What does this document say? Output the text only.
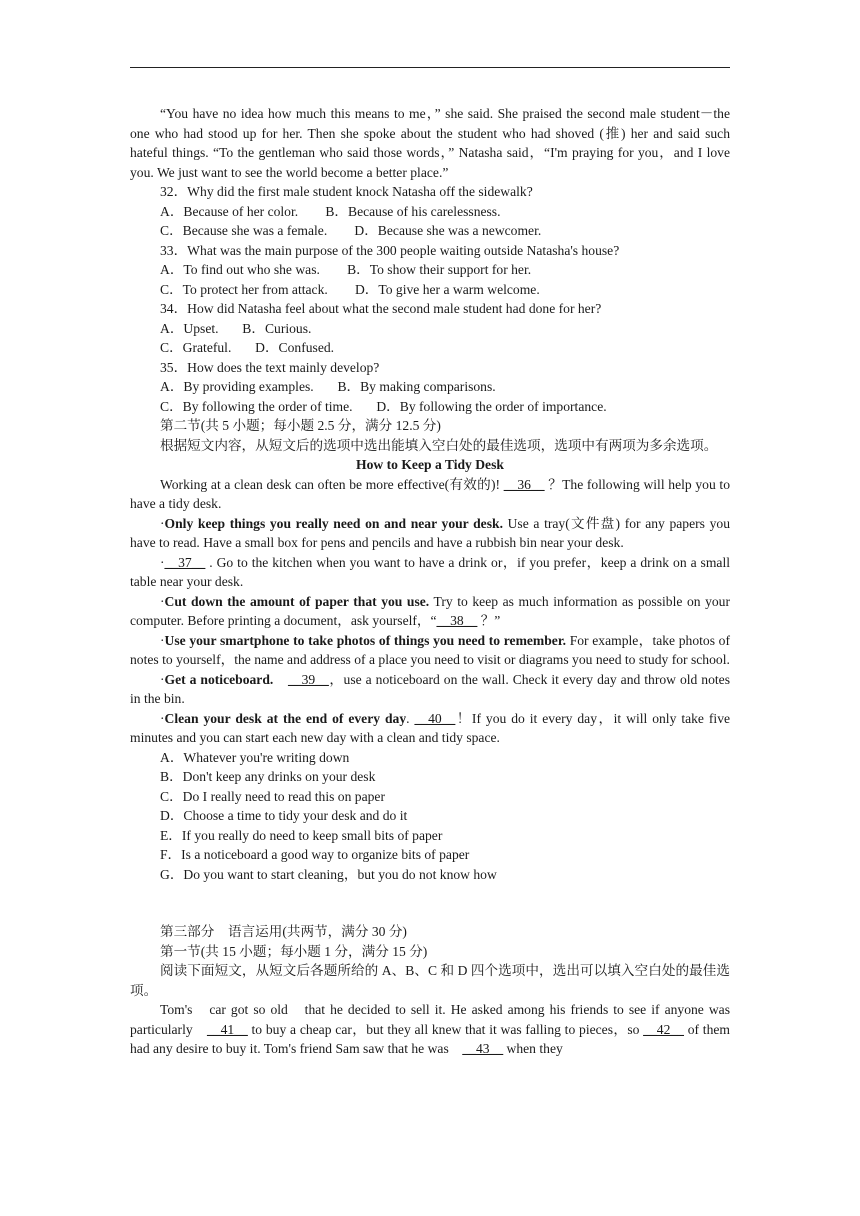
“You have no idea how much this means to me，” she said. She praised the second male student－the one who had stood up for her. Then she spoke about the student who had shoved (推) her and said such hateful things. “To the gentleman who said those words，” Natasha said，“I'm praying for you，and I love you. We just want to see the world become a better place.”

32．Why did the first male student knock Natasha off the sidewalk?

A．Because of her color.        B．Because of his carelessness.

C．Because she was a female.        D．Because she was a newcomer.

33．What was the main purpose of the 300 people waiting outside Natasha's house?

A．To find out who she was.        B．To show their support for her.

C．To protect her from attack.        D．To give her a warm welcome.

34．How did Natasha feel about what the second male student had done for her?

A．Upset.       B．Curious.

C．Grateful.       D．Confused.

35．How does the text mainly develop?

A．By providing examples.       B．By making comparisons.

C．By following the order of time.       D．By following the order of importance.

第二节(共 5 小题；每小题 2.5 分，满分 12.5 分)

根据短文内容，从短文后的选项中选出能填入空白处的最佳选项，选项中有两项为多余选项。

How to Keep a Tidy Desk

Working at a clean desk can often be more effective(有效的)! __36__ ？The following will help you to have a tidy desk.

·Only keep things you really need on and near your desk. Use a tray(文件盘) for any papers you have to read. Have a small box for pens and pencils and have a rubbish bin near your desk.

·__37__ . Go to the kitchen when you want to have a drink or，if you prefer，keep a drink on a small table near your desk.

·Cut down the amount of paper that you use. Try to keep as much information as possible on your computer. Before printing a document，ask yourself，“__38__ ？”

·Use your smartphone to take photos of things you need to remember. For example，take photos of notes to yourself，the name and address of a place you need to visit or diagrams you need to study for school.

·Get a noticeboard.　 __39__，use a noticeboard on the wall. Check it every day and throw old notes in the bin.

·Clean your desk at the end of every day. __40__！If you do it every day，it will only take five minutes and you can start each new day with a clean and tidy space.

A．Whatever you're writing down

B．Don't keep any drinks on your desk

C．Do I really need to read this on paper

D．Choose a time to tidy your desk and do it

E．If you really do need to keep small bits of paper

F．Is a noticeboard a good way to organize bits of paper

G．Do you want to start cleaning，but you do not know how

第三部分　语言运用(共两节，满分 30 分)

第一节(共 15 小题；每小题 1 分，满分 15 分)

阅读下面短文，从短文后各题所给的 A、B、C 和 D 四个选项中，选出可以填入空白处的最佳选项。

Tom's　car got so old　that he decided to sell it. He asked among his friends to see if anyone was particularly　__41__ to buy a cheap car，but they all knew that it was falling to pieces，so __42__ of them had any desire to buy it. Tom's friend Sam saw that he was　__43__ when they
